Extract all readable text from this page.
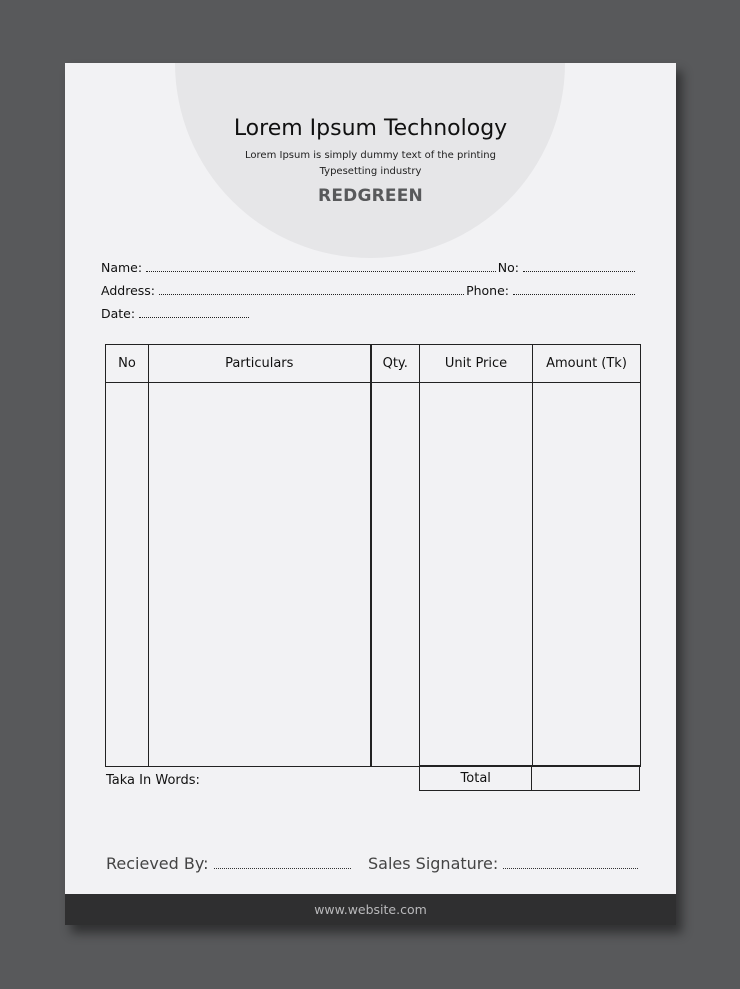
Lorem Ipsum Technology
Lorem Ipsum is simply dummy text of the printing
Typesetting industry
REDGREEN
Name:	No:
Address:	Phone:
Date:
No	Particulars	Qty.	Unit Price	Amount (Tk)

Taka In Words:	Total
Recieved By:	Sales Signature:
www.website.com
